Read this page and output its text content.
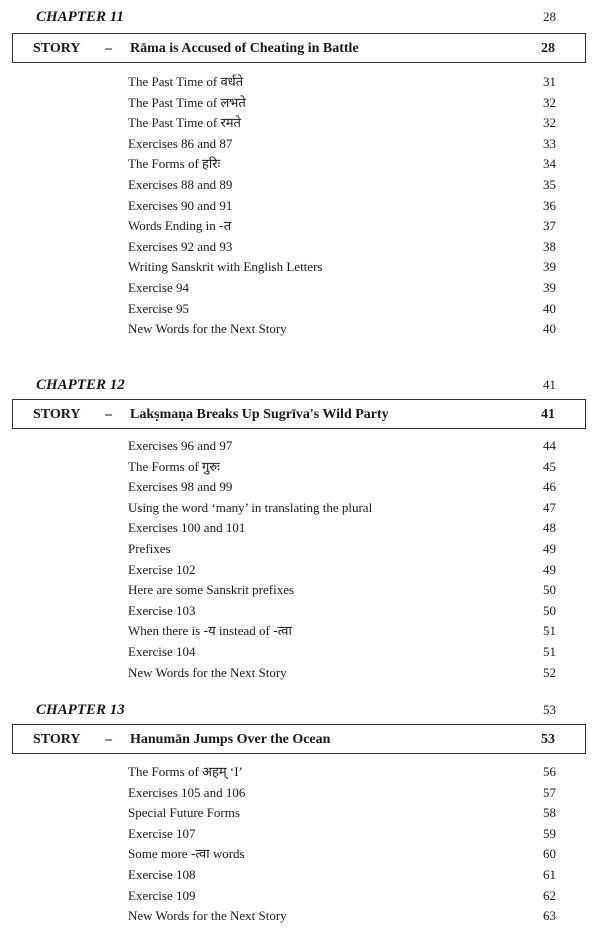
CHAPTER 11	28
STORY – Rāma is Accused of Cheating in Battle	28
The Past Time of वर्धते	31
The Past Time of लभते	32
The Past Time of रमते	32
Exercises 86 and 87	33
The Forms of हरिः	34
Exercises 88 and 89	35
Exercises 90 and 91	36
Words Ending in -त	37
Exercises 92 and 93	38
Writing Sanskrit with English Letters	39
Exercise 94	39
Exercise 95	40
New Words for the Next Story	40
CHAPTER 12	41
STORY – Lakṣmaṇa Breaks Up Sugrīva's Wild Party	41
Exercises 96 and 97	44
The Forms of गुरुः	45
Exercises 98 and 99	46
Using the word ‘many’ in translating the plural	47
Exercises 100 and 101	48
Prefixes	49
Exercise 102	49
Here are some Sanskrit prefixes	50
Exercise 103	50
When there is -य instead of -त्वा	51
Exercise 104	51
New Words for the Next Story	52
CHAPTER 13	53
STORY – Hanumān Jumps Over the Ocean	53
The Forms of अहम् ‘I’	56
Exercises 105 and 106	57
Special Future Forms	58
Exercise 107	59
Some more -त्वा words	60
Exercise 108	61
Exercise 109	62
New Words for the Next Story	63
